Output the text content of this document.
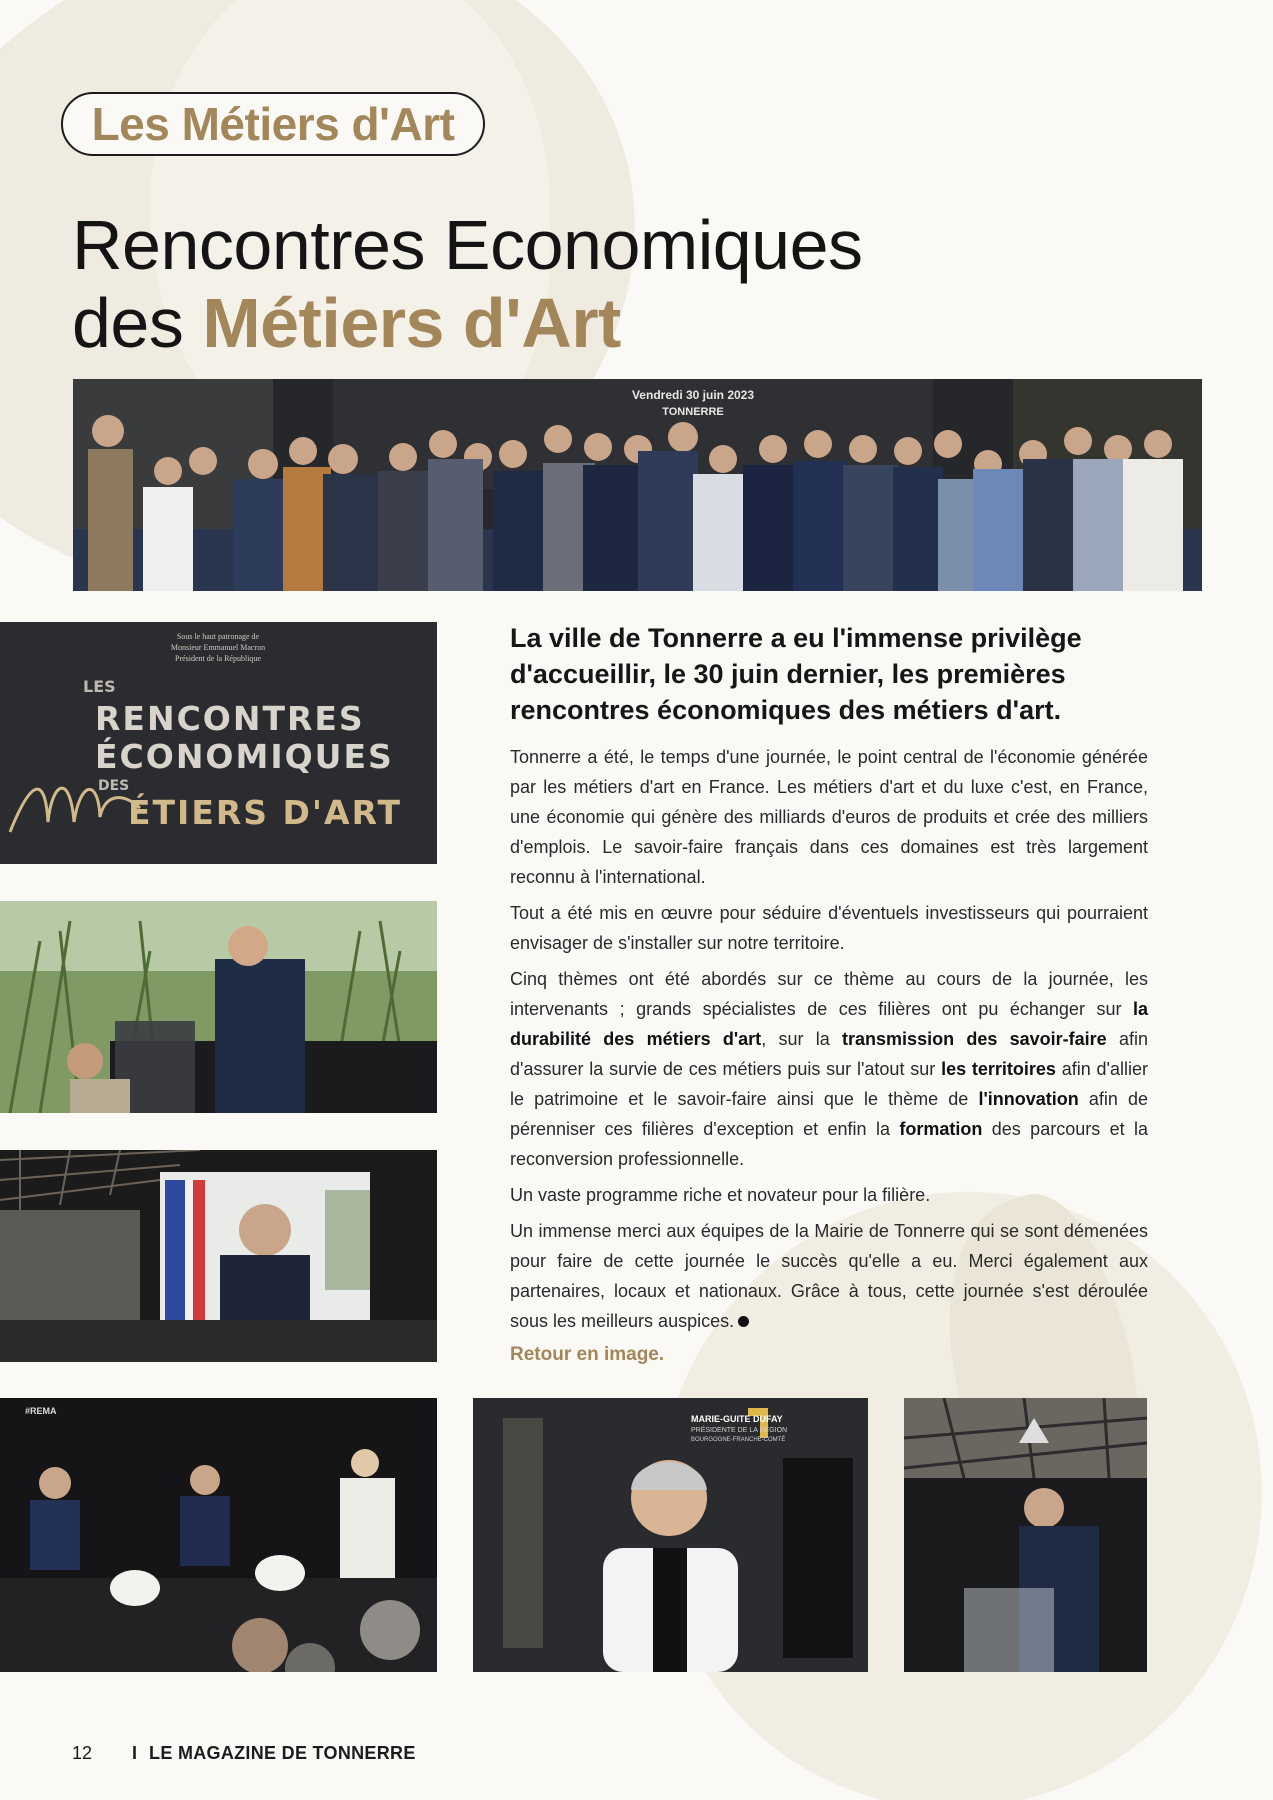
Les Métiers d'Art
Rencontres Economiques
des Métiers d'Art
Vendredi 30 juin 2023
TONNERRE
Sous le haut patronage de
Monsieur Emmanuel Macron
Président de la République
LES
RENCONTRES
ÉCONOMIQUES
DES
ÉTIERS D'ART
#REMA
MARIE-GUITE DUFAY
PRÉSIDENTE DE LA RÉGION
BOURGOGNE-FRANCHE-COMTÉ
La ville de Tonnerre a eu l'immense privilège d'accueillir, le 30 juin dernier, les premières rencontres économiques des métiers d'art.

Tonnerre a été, le temps d'une journée, le point central de l'économie générée par les métiers d'art en France. Les métiers d'art et du luxe c'est, en France, une économie qui génère des milliards d'euros de produits et crée des milliers d'emplois. Le savoir-faire français dans ces domaines est très largement reconnu à l'international.

Tout a été mis en œuvre pour séduire d'éventuels investisseurs qui pourraient envisager de s'installer sur notre territoire.

Cinq thèmes ont été abordés sur ce thème au cours de la journée, les intervenants ; grands spécialistes de ces filières ont pu échanger sur la durabilité des métiers d'art, sur la transmission des savoir-faire afin d'assurer la survie de ces métiers puis sur l'atout sur les territoires afin d'allier le patrimoine et le savoir-faire ainsi que le thème de l'innovation afin de pérenniser ces filières d'exception et enfin la formation des parcours et la reconversion professionnelle.

Un vaste programme riche et novateur pour la filière.

Un immense merci aux équipes de la Mairie de Tonnerre qui se sont démenées pour faire de cette journée le succès qu'elle a eu. Merci également aux partenaires, locaux et nationaux. Grâce à tous, cette journée s'est déroulée sous les meilleurs auspices.

Retour en image.
12 I LE MAGAZINE DE TONNERRE
